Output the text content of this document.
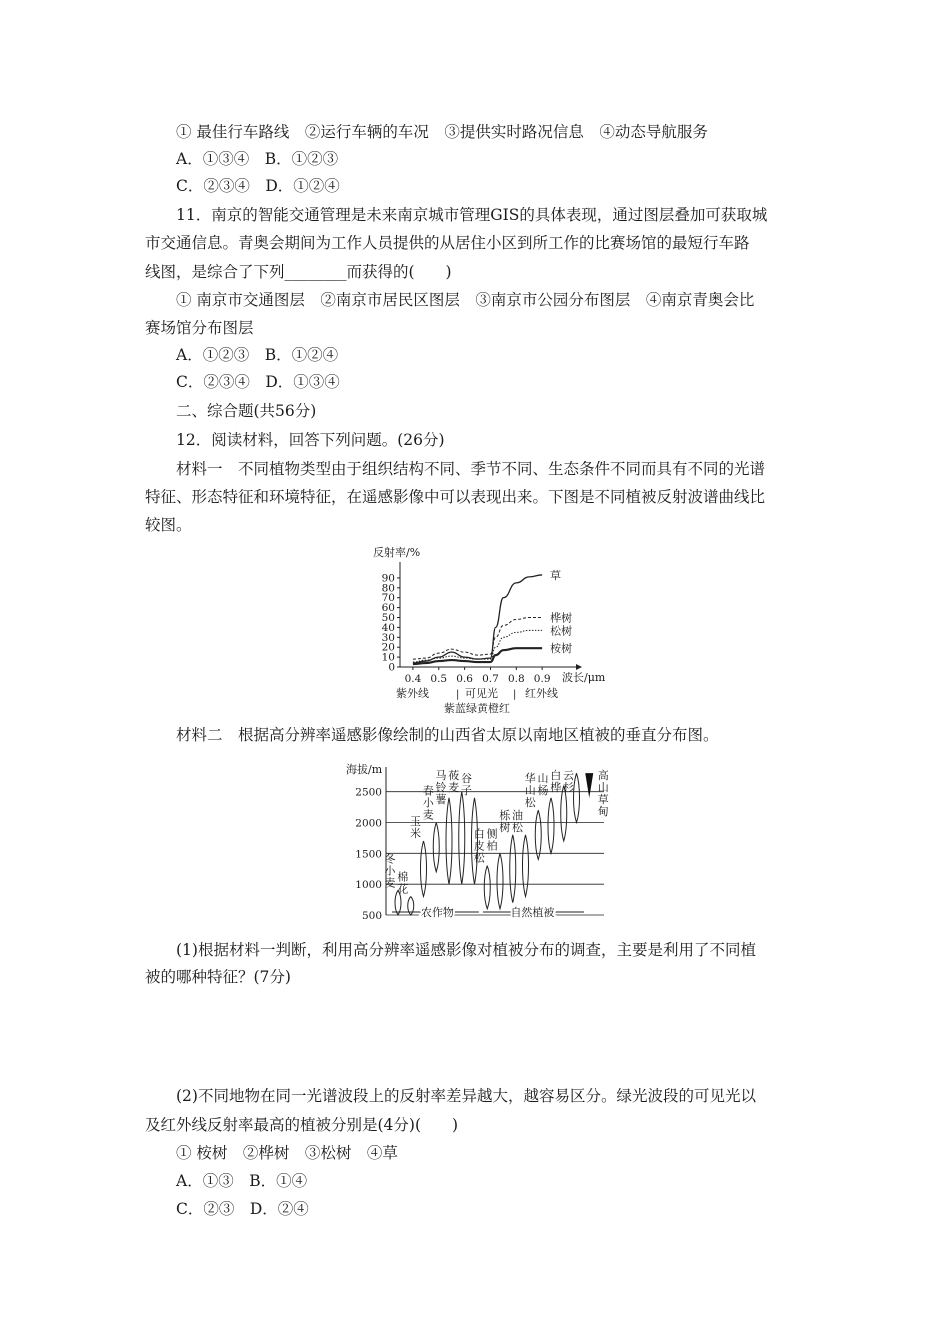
① 最佳行车路线　②运行车辆的车况　③提供实时路况信息　④动态导航服务
A．①③④　B．①②③
C．②③④　D．①②④
11．南京的智能交通管理是未来南京城市管理GIS的具体表现，通过图层叠加可获取城
市交通信息。青奥会期间为工作人员提供的从居住小区到所工作的比赛场馆的最短行车路
线图，是综合了下列________而获得的(　　)
① 南京市交通图层　②南京市居民区图层　③南京市公园分布图层　④南京青奥会比
赛场馆分布图层
A．①②③　B．①②④
C．②③④　D．①③④
二、综合题(共56分)
12．阅读材料，回答下列问题。(26分)
材料一　不同植物类型由于组织结构不同、季节不同、生态条件不同而具有不同的光谱
特征、形态特征和环境特征，在遥感影像中可以表现出来。下图是不同植被反射波谱曲线比
较图。
反射率/%
90
80
70
60
50
40
30
20
10
0
草
桦树
松树
桉树
0.4 0.5 0.6 0.7 0.8 0.9 波长/μm
紫外线	| 可见光 | 红外线
紫蓝绿黄橙红
材料二　根据高分辨率遥感影像绘制的山西省太原以南地区植被的垂直分布图。
海拔/m
2500
2000
1500
1000
500
冬
小
麦 棉
花
玉
米
春
小
麦
马
铃
薯
莜
麦
谷
子
白
皮
松
侧
柏
栎
树
油
松
华
山
松
山
杨
白
桦
云
杉
高
山
草
甸
农作物	自然植被
(1)根据材料一判断，利用高分辨率遥感影像对植被分布的调查，主要是利用了不同植
被的哪种特征？(7分)
(2)不同地物在同一光谱波段上的反射率差异越大，越容易区分。绿光波段的可见光以
及红外线反射率最高的植被分别是(4分)(　　)
① 桉树　②桦树　③松树　④草
A．①③　B．①④
C．②③　D．②④
